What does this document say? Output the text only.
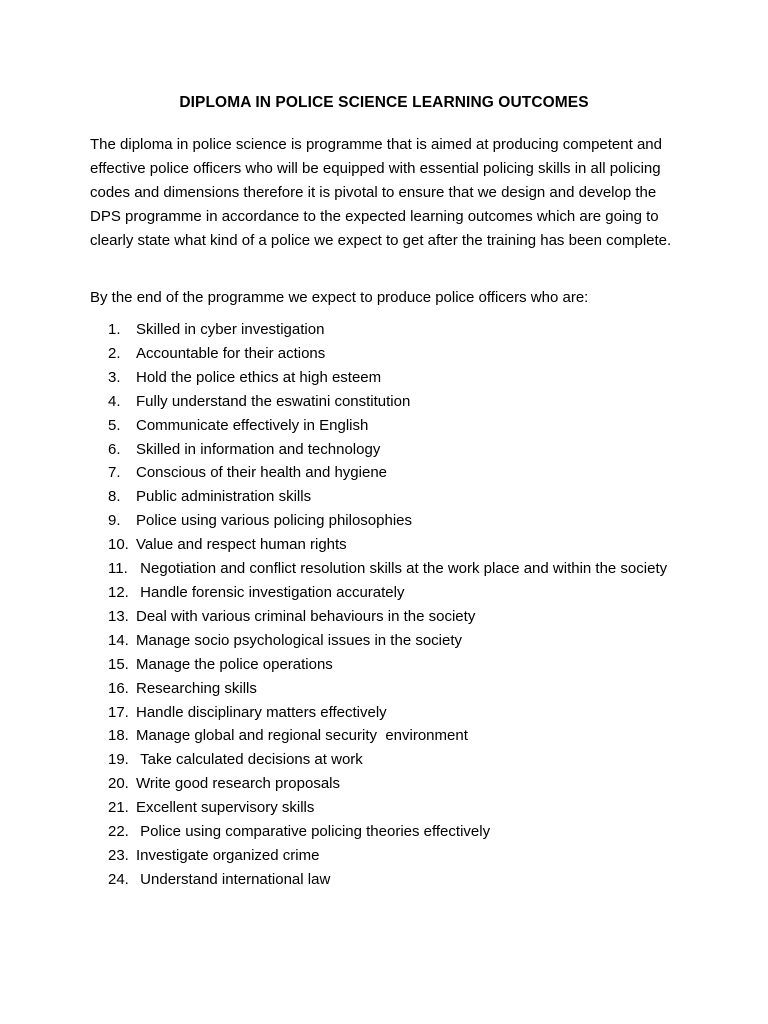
DIPLOMA IN POLICE SCIENCE LEARNING OUTCOMES

The diploma in police science is programme that is aimed at producing competent and effective police officers who will be equipped with essential policing skills in all policing codes and dimensions therefore it is pivotal to ensure that we design and develop the DPS programme in accordance to the expected learning outcomes which are going to clearly state what kind of a police we expect to get after the training has been complete.

By the end of the programme we expect to produce police officers who are:

1.	Skilled in cyber investigation
2.	Accountable for their actions
3.	Hold the police ethics at high esteem
4.	Fully understand the eswatini constitution
5.	Communicate effectively in English
6.	Skilled in information and technology
7.	Conscious of their health and hygiene
8.	Public administration skills
9.	Police using various policing philosophies
10. Value and respect human rights
11. Negotiation and conflict resolution skills at the work place and within the society
12. Handle forensic investigation accurately
13. Deal with various criminal behaviours in the society
14. Manage socio psychological issues in the society
15. Manage the police operations
16. Researching skills
17. Handle disciplinary matters effectively
18. Manage global and regional security  environment
19. Take calculated decisions at work
20. Write good research proposals
21. Excellent supervisory skills
22. Police using comparative policing theories effectively
23. Investigate organized crime
24. Understand international law
